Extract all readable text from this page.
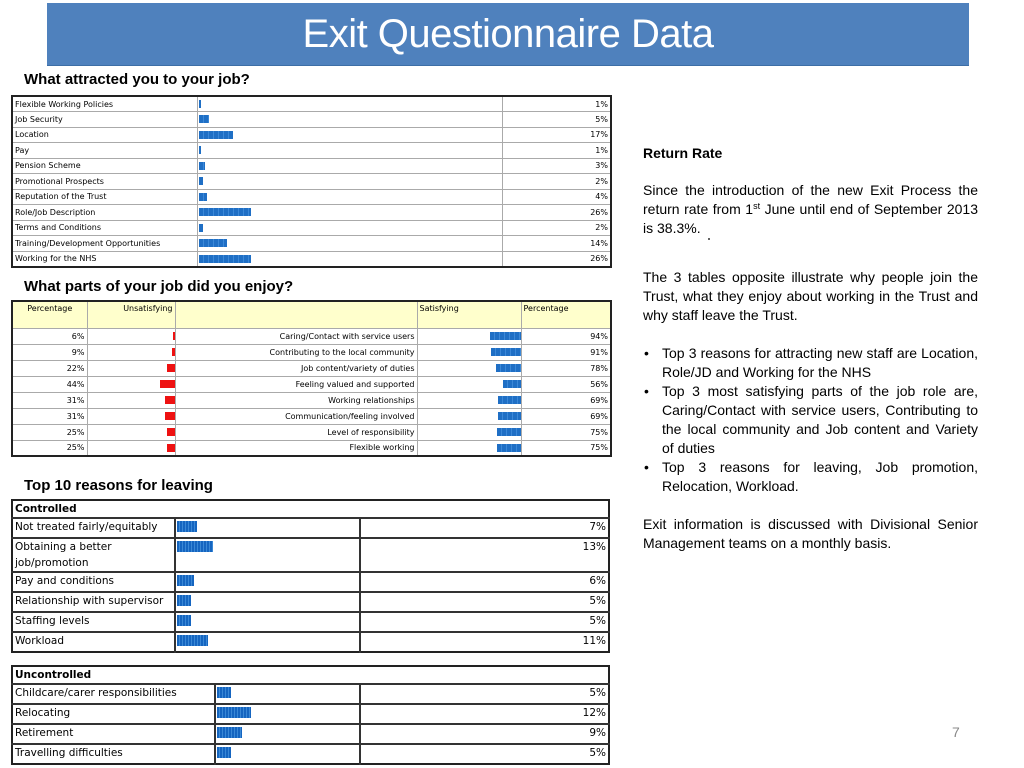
Exit Questionnaire Data
What attracted you to your job?
Flexible Working Policies		1%
Job Security		5%
Location		17%
Pay		1%
Pension Scheme		3%
Promotional Prospects		2%
Reputation of the Trust		4%
Role/Job Description		26%
Terms and Conditions		2%
Training/Development Opportunities		14%
Working for the NHS		26%
What parts of your job did you enjoy?
Percentage	Unsatisfying		Satisfying	Percentage
6%		Caring/Contact with service users		94%
9%		Contributing to the local community		91%
22%		Job content/variety of duties		78%
44%		Feeling valued and supported		56%
31%		Working relationships		69%
31%		Communication/feeling involved		69%
25%		Level of responsibility		75%
25%		Flexible working		75%
Top 10 reasons for leaving
Controlled		
Not treated fairly/equitably		7%
Obtaining a better job/promotion		13%
Pay and conditions		6%
Relationship with supervisor		5%
Staffing levels		5%
Workload		11%
Uncontrolled		
Childcare/carer responsibilities		5%
Relocating		12%
Retirement		9%
Travelling difficulties		5%
Return Rate

Since the introduction of the new Exit Process the return rate from 1st June until end of September 2013 is 38.3%.

The 3 tables opposite illustrate why people join the Trust, what they enjoy about working in the Trust and why staff leave the Trust.

• Top 3 reasons for attracting new staff are Location, Role/JD and Working for the NHS
• Top 3 most satisfying parts of the job role are, Caring/Contact with service users, Contributing to the local community and Job content and Variety of duties
• Top 3 reasons for leaving, Job promotion, Relocation, Workload.

Exit information is discussed with Divisional Senior Management teams on a monthly basis.

7
